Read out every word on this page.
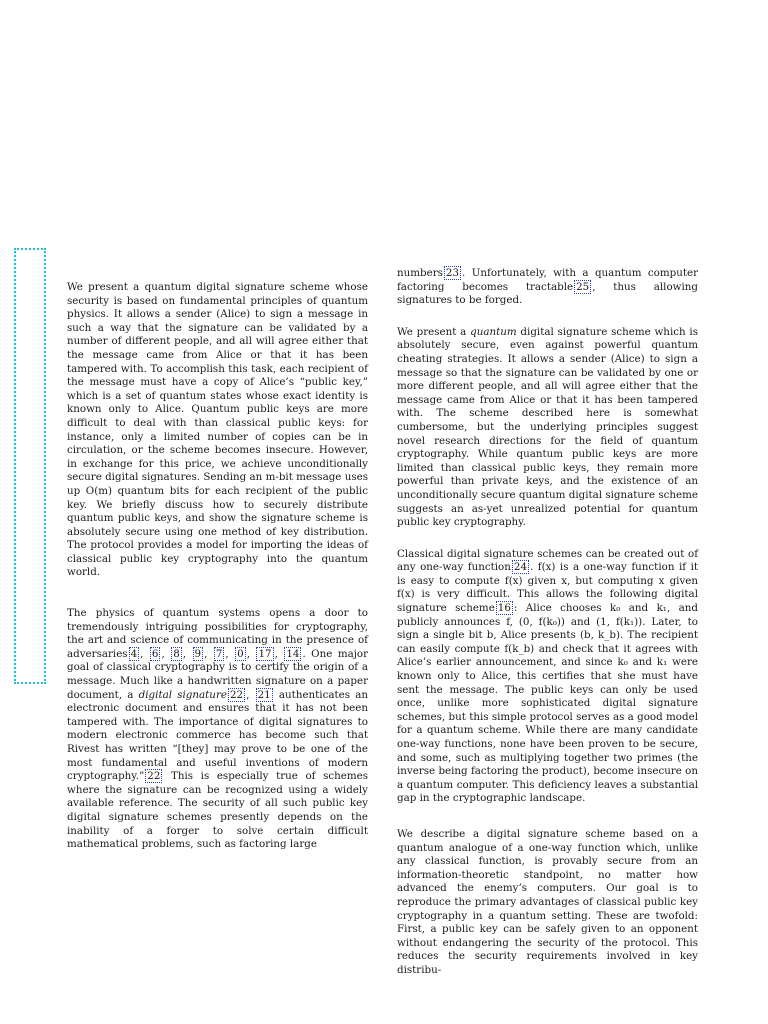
We present a quantum digital signature scheme whose security is based on fundamental principles of quantum physics. It allows a sender (Alice) to sign a message in such a way that the signature can be validated by a number of different people, and all will agree either that the message came from Alice or that it has been tampered with. To accomplish this task, each recipient of the message must have a copy of Alice’s “public key,” which is a set of quantum states whose exact identity is known only to Alice. Quantum public keys are more difficult to deal with than classical public keys: for instance, only a limited number of copies can be in circulation, or the scheme becomes insecure. However, in exchange for this price, we achieve unconditionally secure digital signatures. Sending an m-bit message uses up O(m) quantum bits for each recipient of the public key. We briefly discuss how to securely distribute quantum public keys, and show the signature scheme is absolutely secure using one method of key distribution. The protocol provides a model for importing the ideas of classical public key cryptography into the quantum world.

The physics of quantum systems opens a door to tremendously intriguing possibilities for cryptography, the art and science of communicating in the presence of adversaries 4 , 6 , 8 , 9 , 7 , 0 , 17 , 14 . One major goal of classical cryptography is to certify the origin of a message. Much like a handwritten signature on a paper document, a digital signature 22 , 21 authenticates an electronic document and ensures that it has not been tampered with. The importance of digital signatures to modern electronic commerce has become such that Rivest has written “[they] may prove to be one of the most fundamental and useful inventions of modern cryptography.” 22 This is especially true of schemes where the signature can be recognized using a widely available reference. The security of all such public key digital signature schemes presently depends on the inability of a forger to solve certain difficult mathematical problems, such as factoring large

numbers 23 . Unfortunately, with a quantum computer factoring becomes tractable 25 , thus allowing signatures to be forged.

We present a quantum digital signature scheme which is absolutely secure, even against powerful quantum cheating strategies. It allows a sender (Alice) to sign a message so that the signature can be validated by one or more different people, and all will agree either that the message came from Alice or that it has been tampered with. The scheme described here is somewhat cumbersome, but the underlying principles suggest novel research directions for the field of quantum cryptography. While quantum public keys are more limited than classical public keys, they remain more powerful than private keys, and the existence of an unconditionally secure quantum digital signature scheme suggests an as-yet unrealized potential for quantum public key cryptography.

Classical digital signature schemes can be created out of any one-way function 24 . f(x) is a one-way function if it is easy to compute f(x) given x, but computing x given f(x) is very difficult. This allows the following digital signature scheme 16 : Alice chooses k₀ and k₁, and publicly announces f, (0, f(k₀)) and (1, f(k₁)). Later, to sign a single bit b, Alice presents (b, k_b). The recipient can easily compute f(k_b) and check that it agrees with Alice’s earlier announcement, and since k₀ and k₁ were known only to Alice, this certifies that she must have sent the message. The public keys can only be used once, unlike more sophisticated digital signature schemes, but this simple protocol serves as a good model for a quantum scheme. While there are many candidate one-way functions, none have been proven to be secure, and some, such as multiplying together two primes (the inverse being factoring the product), become insecure on a quantum computer. This deficiency leaves a substantial gap in the cryptographic landscape.

We describe a digital signature scheme based on a quantum analogue of a one-way function which, unlike any classical function, is provably secure from an information-theoretic standpoint, no matter how advanced the enemy’s computers. Our goal is to reproduce the primary advantages of classical public key cryptography in a quantum setting. These are twofold: First, a public key can be safely given to an opponent without endangering the security of the protocol. This reduces the security requirements involved in key distribu-
